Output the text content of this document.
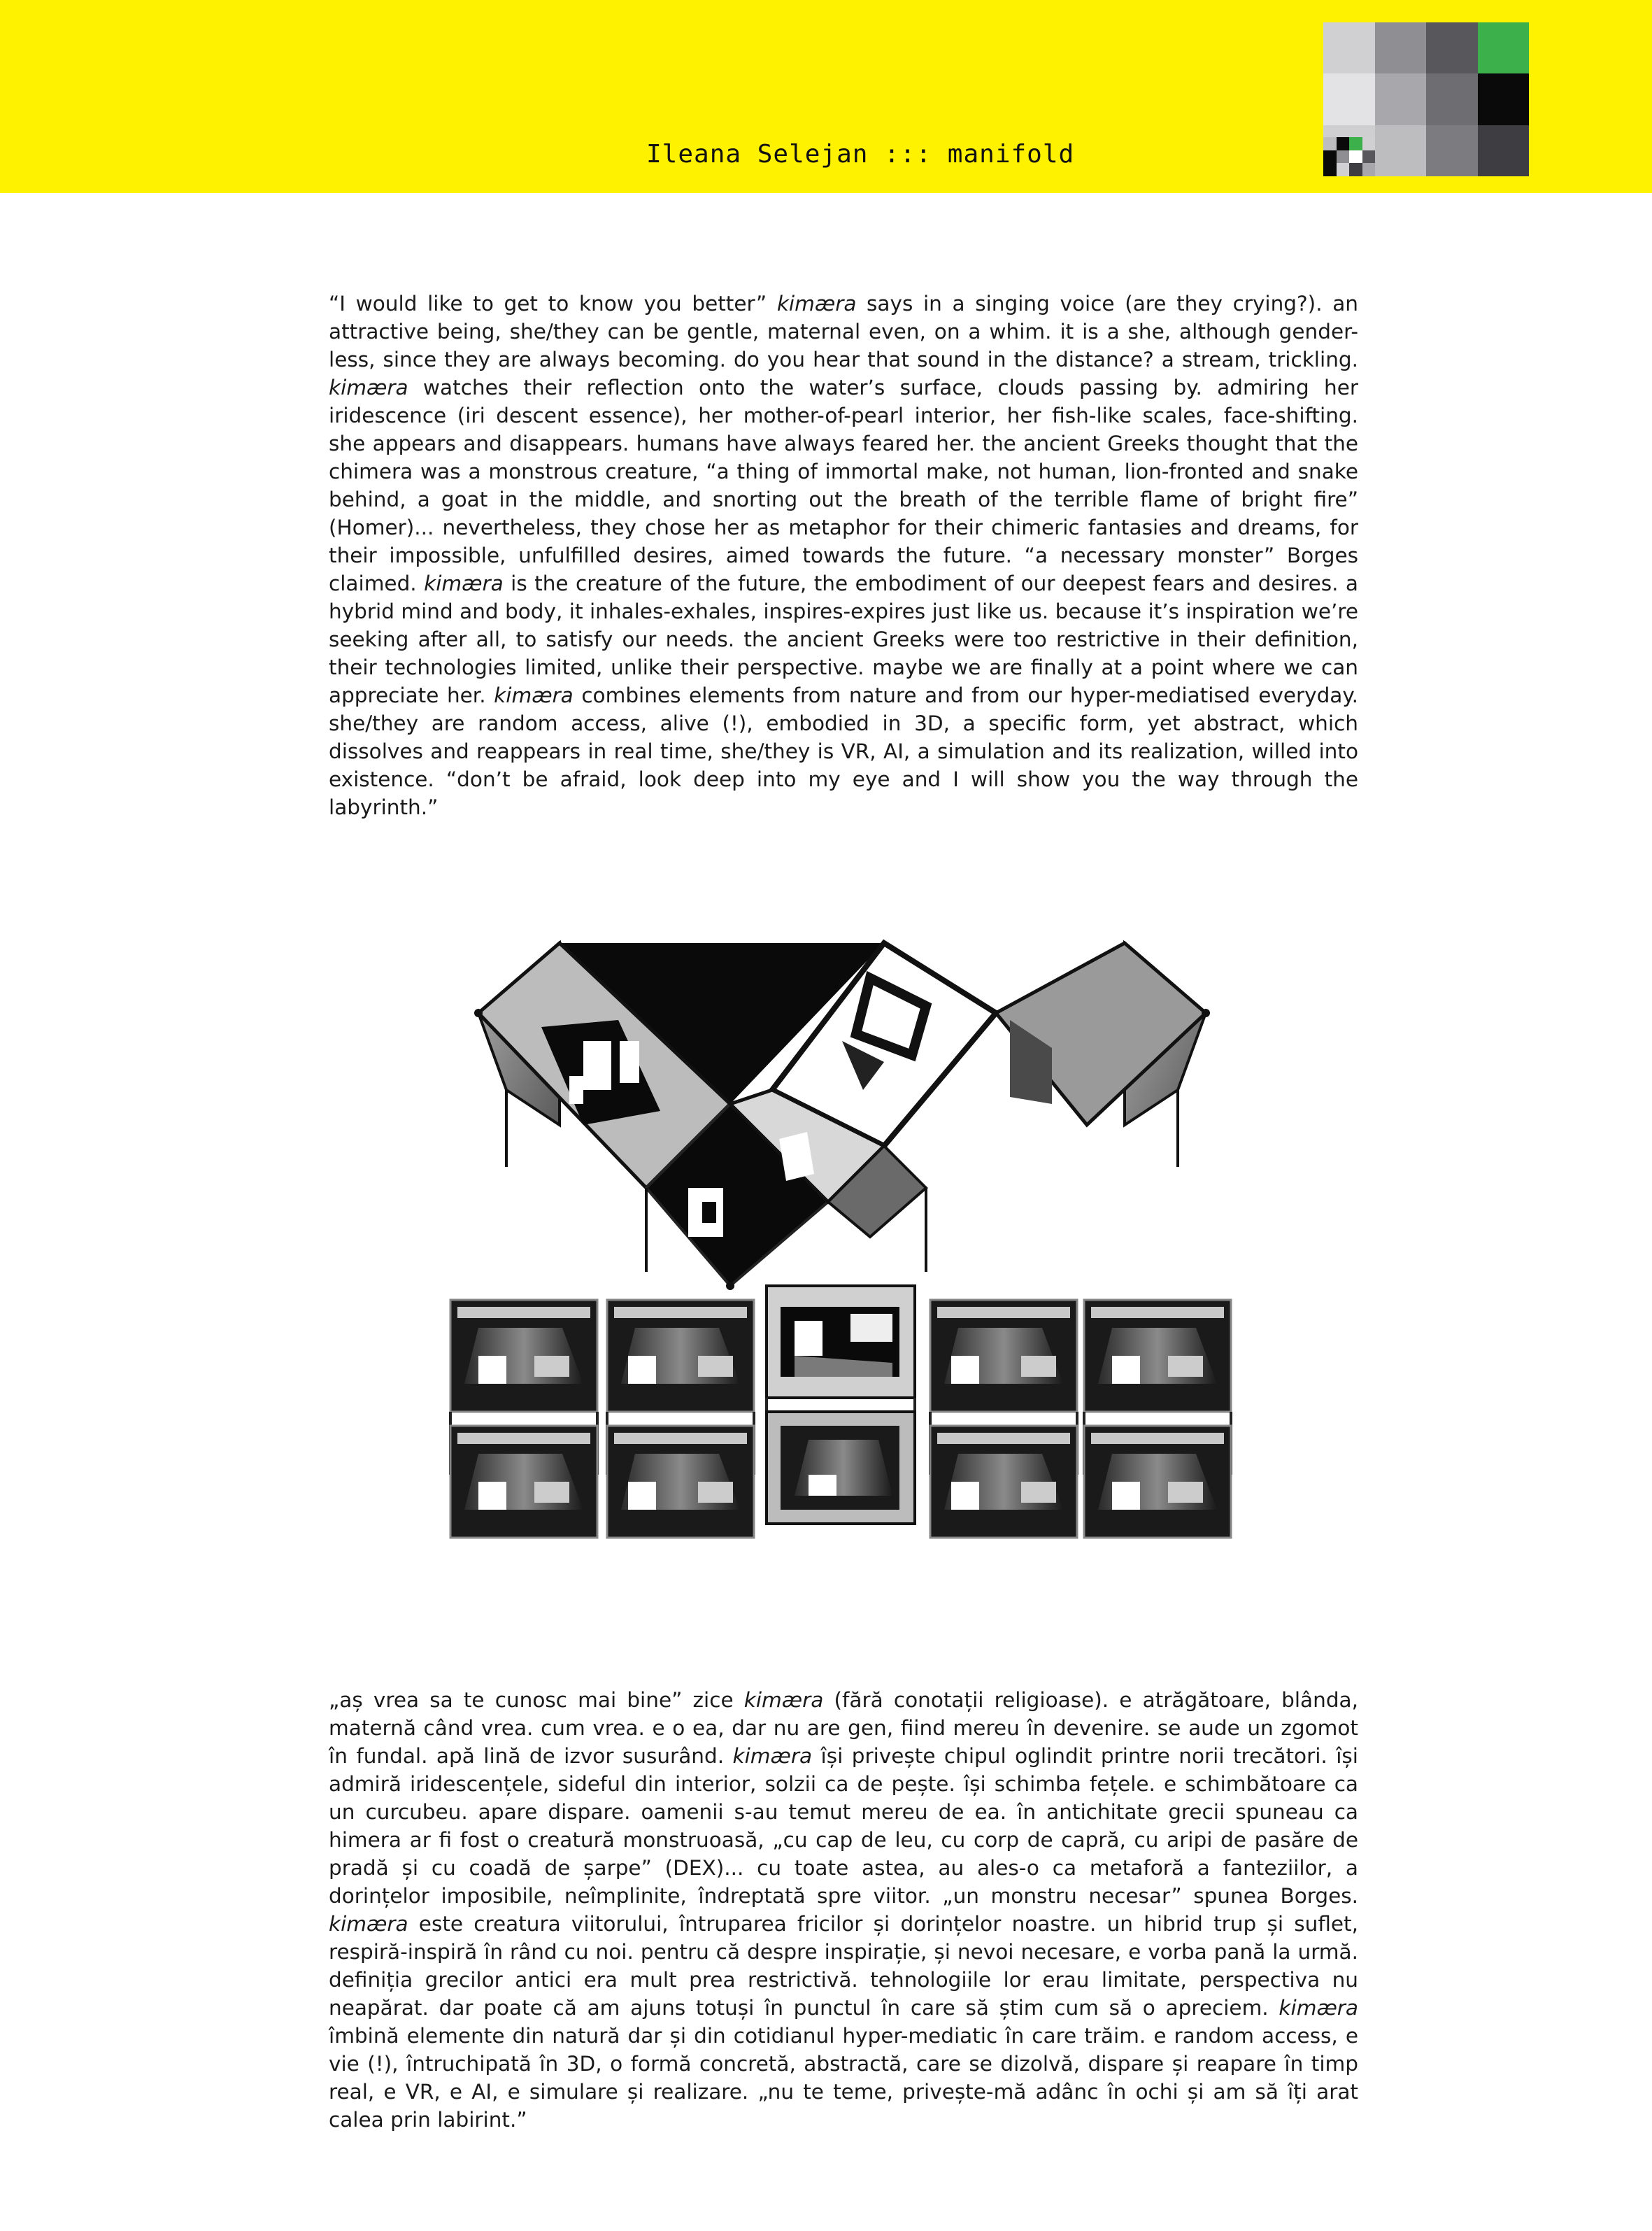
Ileana Selejan ::: manifold

“I would like to get to know you better” kimæra says in a singing voice (are they crying?). an attractive being, she/they can be gentle, maternal even, on a whim. it is a she, although gender-less, since they are always becoming. do you hear that sound in the distance? a stream, trickling. kimæra watches their reflection onto the water’s surface, clouds passing by. admiring her iridescence (iri descent essence), her mother-of-pearl interior, her fish-like scales, face-shifting. she appears and disappears. humans have always feared her. the ancient Greeks thought that the chimera was a monstrous creature, “a thing of immortal make, not human, lion-fronted and snake behind, a goat in the middle, and snorting out the breath of the terrible flame of bright fire” (Homer)... nevertheless, they chose her as metaphor for their chimeric fantasies and dreams, for their impossible, unfulfilled desires, aimed towards the future. “a necessary monster” Borges claimed. kimæra is the creature of the future, the embodiment of our deepest fears and desires. a hybrid mind and body, it inhales-exhales, inspires-expires just like us. because it’s inspiration we’re seeking after all, to satisfy our needs. the ancient Greeks were too restrictive in their definition, their technologies limited, unlike their perspective. maybe we are finally at a point where we can appreciate her. kimæra combines elements from nature and from our hyper-mediatised everyday. she/they are random access, alive (!), embodied in 3D, a specific form, yet abstract, which dissolves and reappears in real time, she/they is VR, AI, a simulation and its realization, willed into existence. “don’t be afraid, look deep into my eye and I will show you the way through the labyrinth.”

„aș vrea sa te cunosc mai bine” zice kimæra (fără conotații religioase). e atrăgătoare, blânda, maternă când vrea. cum vrea. e o ea, dar nu are gen, fiind mereu în devenire. se aude un zgomot în fundal. apă lină de izvor susurând. kimæra își privește chipul oglindit printre norii trecători. își admiră iridescențele, sideful din interior, solzii ca de pește. își schimba fețele. e schimbătoare ca un curcubeu. apare dispare. oamenii s-au temut mereu de ea. în antichitate grecii spuneau ca himera ar fi fost o creatură monstruoasă, „cu cap de leu, cu corp de capră, cu aripi de pasăre de pradă și cu coadă de șarpe” (DEX)... cu toate astea, au ales-o ca metaforă a fanteziilor, a dorințelor imposibile, neîmplinite, îndreptată spre viitor. „un monstru necesar” spunea Borges. kimæra este creatura viitorului, întruparea fricilor și dorințelor noastre. un hibrid trup și suflet, respiră-inspiră în rând cu noi. pentru că despre inspirație, și nevoi necesare, e vorba pană la urmă. definiția grecilor antici era mult prea restrictivă. tehnologiile lor erau limitate, perspectiva nu neapărat. dar poate că am ajuns totuși în punctul în care să știm cum să o apreciem. kimæra îmbină elemente din natură dar și din cotidianul hyper-mediatic în care trăim. e random access, e vie (!), întruchipată în 3D, o formă concretă, abstractă, care se dizolvă, dispare și reapare în timp real, e VR, e AI, e simulare și realizare. „nu te teme, privește-mă adânc în ochi și am să îți arat calea prin labirint.”
